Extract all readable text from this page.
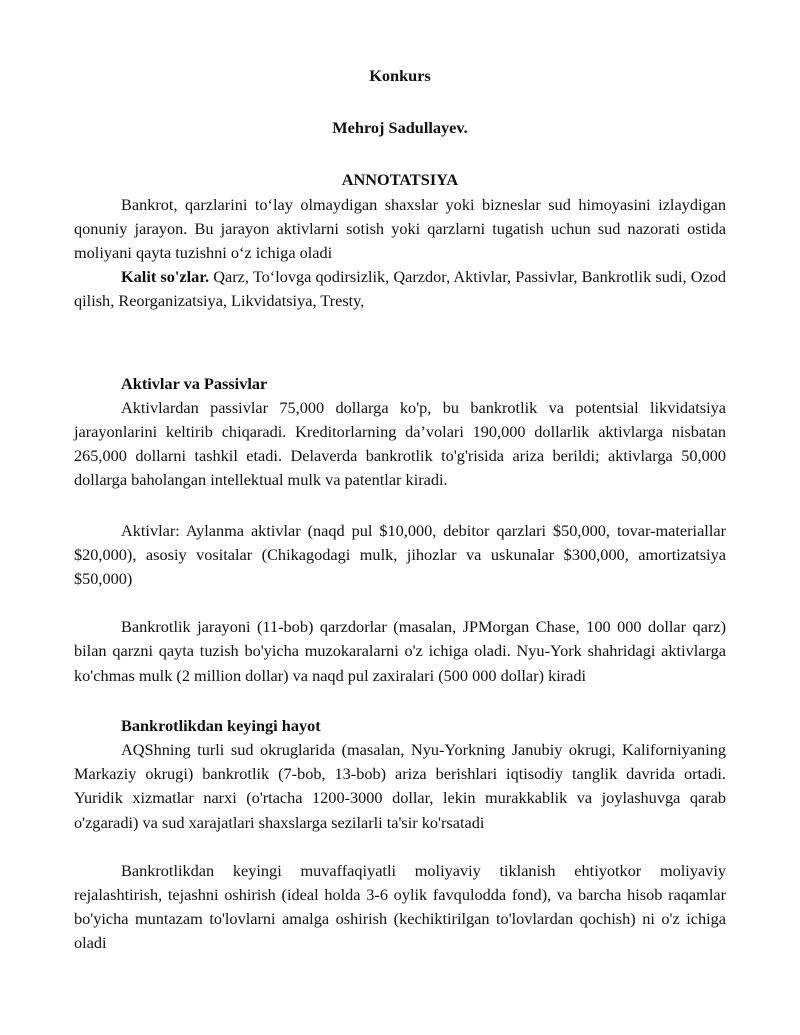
Konkurs
Mehroj Sadullayev.
ANNOTATSIYA

Bankrot, qarzlarini to‘lay olmaydigan shaxslar yoki bizneslar sud himoyasini izlaydigan qonuniy jarayon. Bu jarayon aktivlarni sotish yoki qarzlarni tugatish uchun sud nazorati ostida moliyani qayta tuzishni o‘z ichiga oladi

Kalit so'zlar. Qarz, To‘lovga qodirsizlik, Qarzdor, Aktivlar, Passivlar, Bankrotlik sudi, Ozod qilish, Reorganizatsiya, Likvidatsiya, Tresty,

Aktivlar va Passivlar

Aktivlardan passivlar 75,000 dollarga ko'p, bu bankrotlik va potentsial likvidatsiya jarayonlarini keltirib chiqaradi. Kreditorlarning da’volari 190,000 dollarlik aktivlarga nisbatan 265,000 dollarni tashkil etadi. Delaverda bankrotlik to'g'risida ariza berildi; aktivlarga 50,000 dollarga baholangan intellektual mulk va patentlar kiradi.

Aktivlar: Aylanma aktivlar (naqd pul $10,000, debitor qarzlari $50,000, tovar-materiallar $20,000), asosiy vositalar (Chikagodagi mulk, jihozlar va uskunalar $300,000, amortizatsiya $50,000)

Bankrotlik jarayoni (11-bob) qarzdorlar (masalan, JPMorgan Chase, 100 000 dollar qarz) bilan qarzni qayta tuzish bo'yicha muzokaralarni o'z ichiga oladi. Nyu-York shahridagi aktivlarga ko'chmas mulk (2 million dollar) va naqd pul zaxiralari (500 000 dollar) kiradi

Bankrotlikdan keyingi hayot

AQShning turli sud okruglarida (masalan, Nyu-Yorkning Janubiy okrugi, Kaliforniyaning Markaziy okrugi) bankrotlik (7-bob, 13-bob) ariza berishlari iqtisodiy tanglik davrida ortadi. Yuridik xizmatlar narxi (o'rtacha 1200-3000 dollar, lekin murakkablik va joylashuvga qarab o'zgaradi) va sud xarajatlari shaxslarga sezilarli ta'sir ko'rsatadi

Bankrotlikdan keyingi muvaffaqiyatli moliyaviy tiklanish ehtiyotkor moliyaviy rejalashtirish, tejashni oshirish (ideal holda 3-6 oylik favqulodda fond), va barcha hisob raqamlar bo'yicha muntazam to'lovlarni amalga oshirish (kechiktirilgan to'lovlardan qochish) ni o'z ichiga oladi
